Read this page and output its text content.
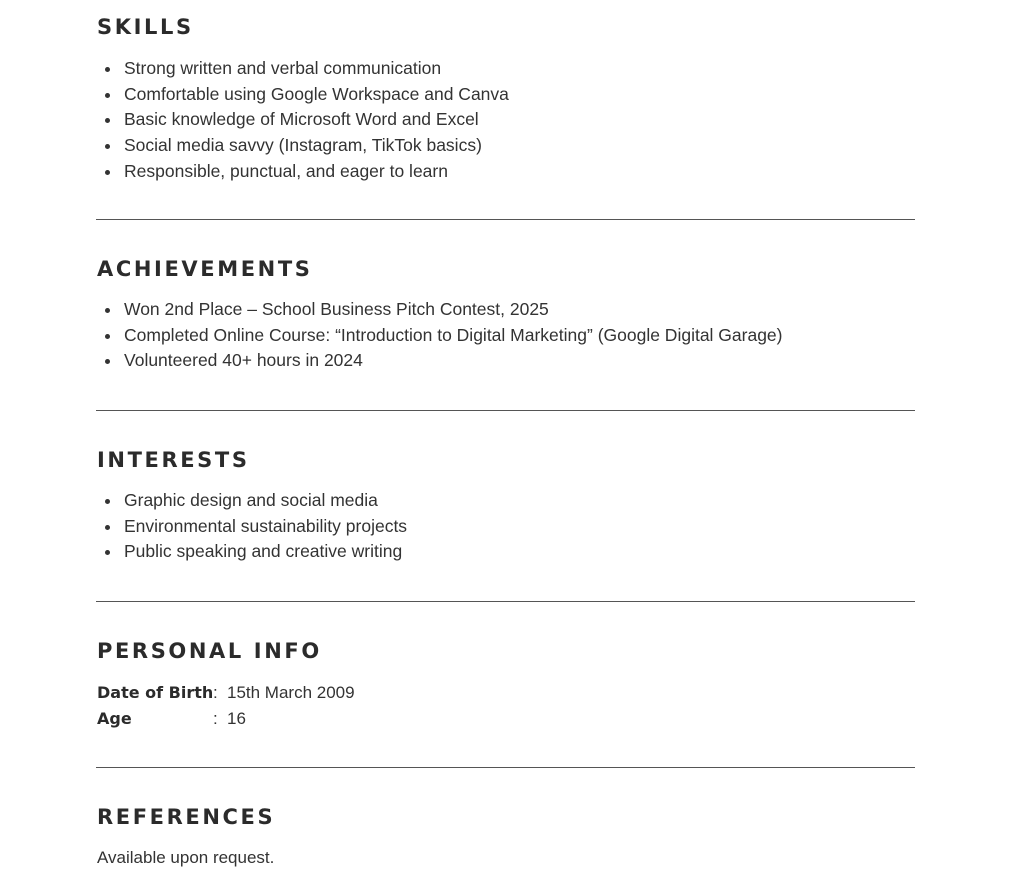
SKILLS
Strong written and verbal communication
Comfortable using Google Workspace and Canva
Basic knowledge of Microsoft Word and Excel
Social media savvy (Instagram, TikTok basics)
Responsible, punctual, and eager to learn
ACHIEVEMENTS
Won 2nd Place – School Business Pitch Contest, 2025
Completed Online Course: “Introduction to Digital Marketing” (Google Digital Garage)
Volunteered 40+ hours in 2024
INTERESTS
Graphic design and social media
Environmental sustainability projects
Public speaking and creative writing
PERSONAL INFO
Date of Birth: 15th March 2009
Age	: 16
REFERENCES
Available upon request.
